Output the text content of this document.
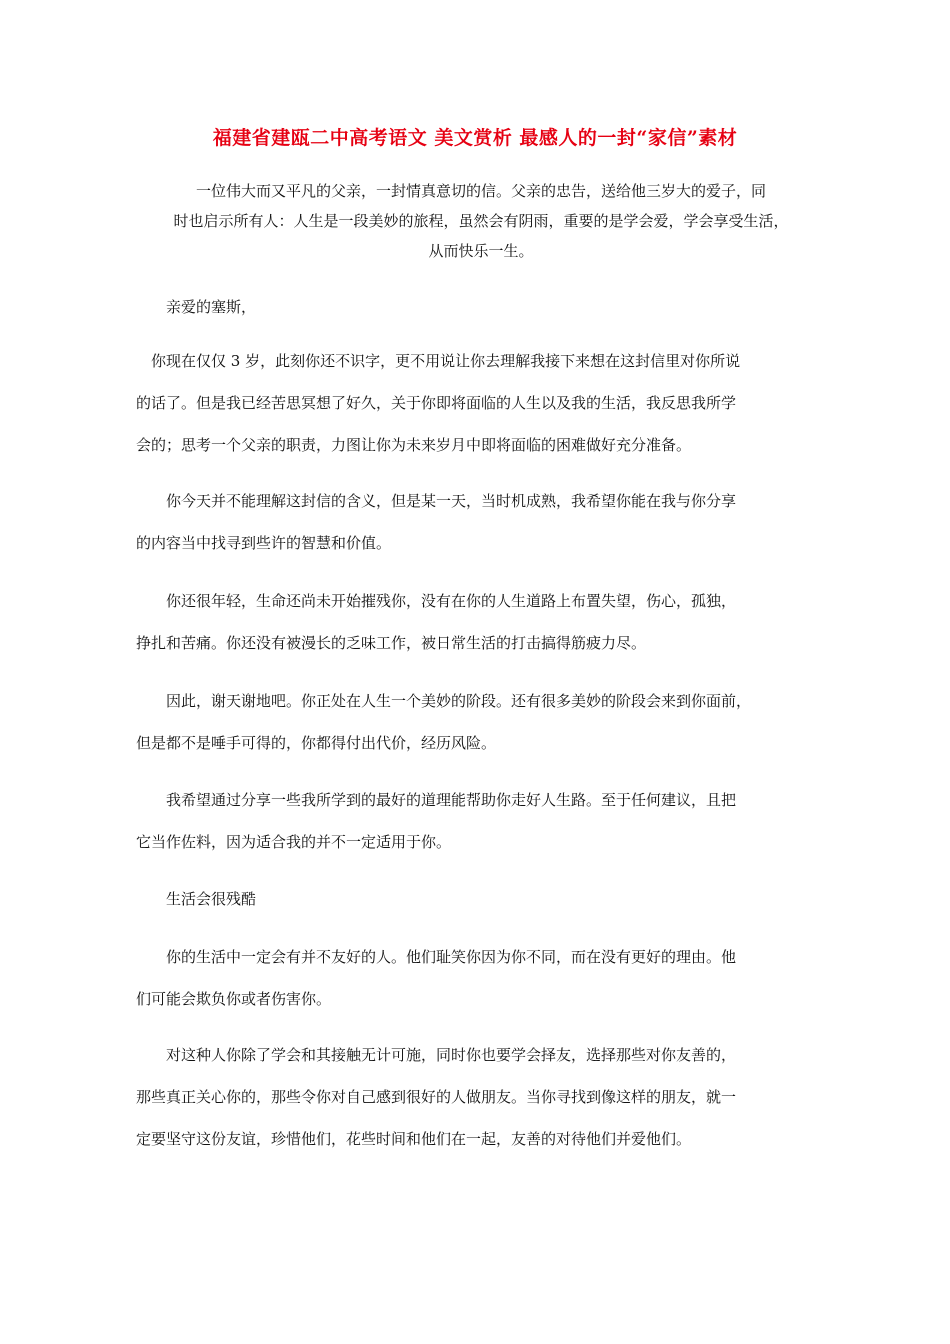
福建省建瓯二中高考语文 美文赏析 最感人的一封“家信”素材
一位伟大而又平凡的父亲，一封情真意切的信。父亲的忠告，送给他三岁大的爱子，同
时也启示所有人：人生是一段美妙的旅程，虽然会有阴雨，重要的是学会爱，学会享受生活，
从而快乐一生。
亲爱的塞斯，
你现在仅仅 3 岁，此刻你还不识字，更不用说让你去理解我接下来想在这封信里对你所说
的话了。但是我已经苦思冥想了好久，关于你即将面临的人生以及我的生活，我反思我所学
会的；思考一个父亲的职责，力图让你为未来岁月中即将面临的困难做好充分准备。
你今天并不能理解这封信的含义，但是某一天，当时机成熟，我希望你能在我与你分享
的内容当中找寻到些许的智慧和价值。
你还很年轻，生命还尚未开始摧残你，没有在你的人生道路上布置失望，伤心，孤独，
挣扎和苦痛。你还没有被漫长的乏味工作，被日常生活的打击搞得筋疲力尽。
因此，谢天谢地吧。你正处在人生一个美妙的阶段。还有很多美妙的阶段会来到你面前，
但是都不是唾手可得的，你都得付出代价，经历风险。
我希望通过分享一些我所学到的最好的道理能帮助你走好人生路。至于任何建议，且把
它当作佐料，因为适合我的并不一定适用于你。
生活会很残酷
你的生活中一定会有并不友好的人。他们耻笑你因为你不同，而在没有更好的理由。他
们可能会欺负你或者伤害你。
对这种人你除了学会和其接触无计可施，同时你也要学会择友，选择那些对你友善的，
那些真正关心你的，那些令你对自己感到很好的人做朋友。当你寻找到像这样的朋友，就一
定要坚守这份友谊，珍惜他们，花些时间和他们在一起，友善的对待他们并爱他们。
